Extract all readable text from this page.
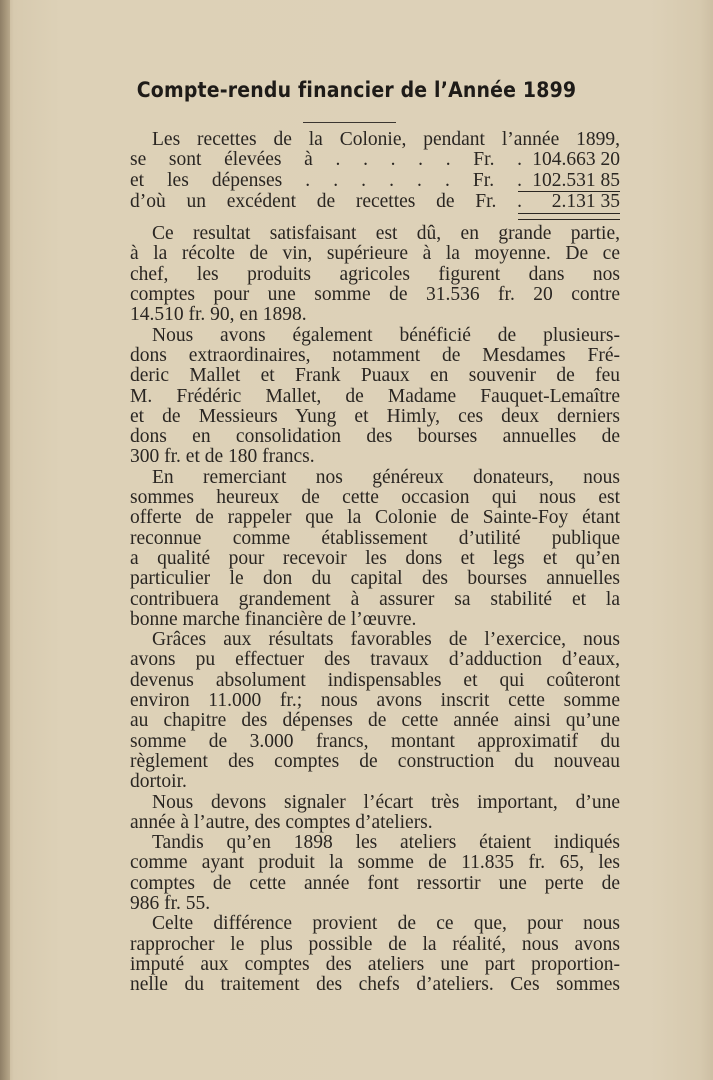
Compte-rendu financier de l’Année 1899
Les recettes de la Colonie, pendant l’année 1899,
se sont élevées à . . . . . Fr. . 104.663 20
et les dépenses . . . . . . Fr. . 102.531 85
d’où un excédent de recettes de Fr. .	2.131 35
Ce resultat satisfaisant est dû, en grande partie,
à la récolte de vin, supérieure à la moyenne. De ce
chef, les produits agricoles figurent dans nos
comptes pour une somme de 31.536 fr. 20 contre
14.510 fr. 90, en 1898.
Nous avons également bénéficié de plusieurs-
dons extraordinaires, notamment de Mesdames Fré-
deric Mallet et Frank Puaux en souvenir de feu
M. Frédéric Mallet, de Madame Fauquet-Lemaître
et de Messieurs Yung et Himly, ces deux derniers
dons en consolidation des bourses annuelles de
300 fr. et de 180 francs.
En remerciant nos généreux donateurs, nous
sommes heureux de cette occasion qui nous est
offerte de rappeler que la Colonie de Sainte-Foy étant
reconnue comme établissement d’utilité publique
a qualité pour recevoir les dons et legs et qu’en
particulier le don du capital des bourses annuelles
contribuera grandement à assurer sa stabilité et la
bonne marche financière de l’œuvre.
Grâces aux résultats favorables de l’exercice, nous
avons pu effectuer des travaux d’adduction d’eaux,
devenus absolument indispensables et qui coûteront
environ 11.000 fr.; nous avons inscrit cette somme
au chapitre des dépenses de cette année ainsi qu’une
somme de 3.000 francs, montant approximatif du
règlement des comptes de construction du nouveau
dortoir.
Nous devons signaler l’écart très important, d’une
année à l’autre, des comptes d’ateliers.
Tandis qu’en 1898 les ateliers étaient indiqués
comme ayant produit la somme de 11.835 fr. 65, les
comptes de cette année font ressortir une perte de
986 fr. 55.
Celte différence provient de ce que, pour nous
rapprocher le plus possible de la réalité, nous avons
imputé aux comptes des ateliers une part proportion-
nelle du traitement des chefs d’ateliers. Ces sommes
